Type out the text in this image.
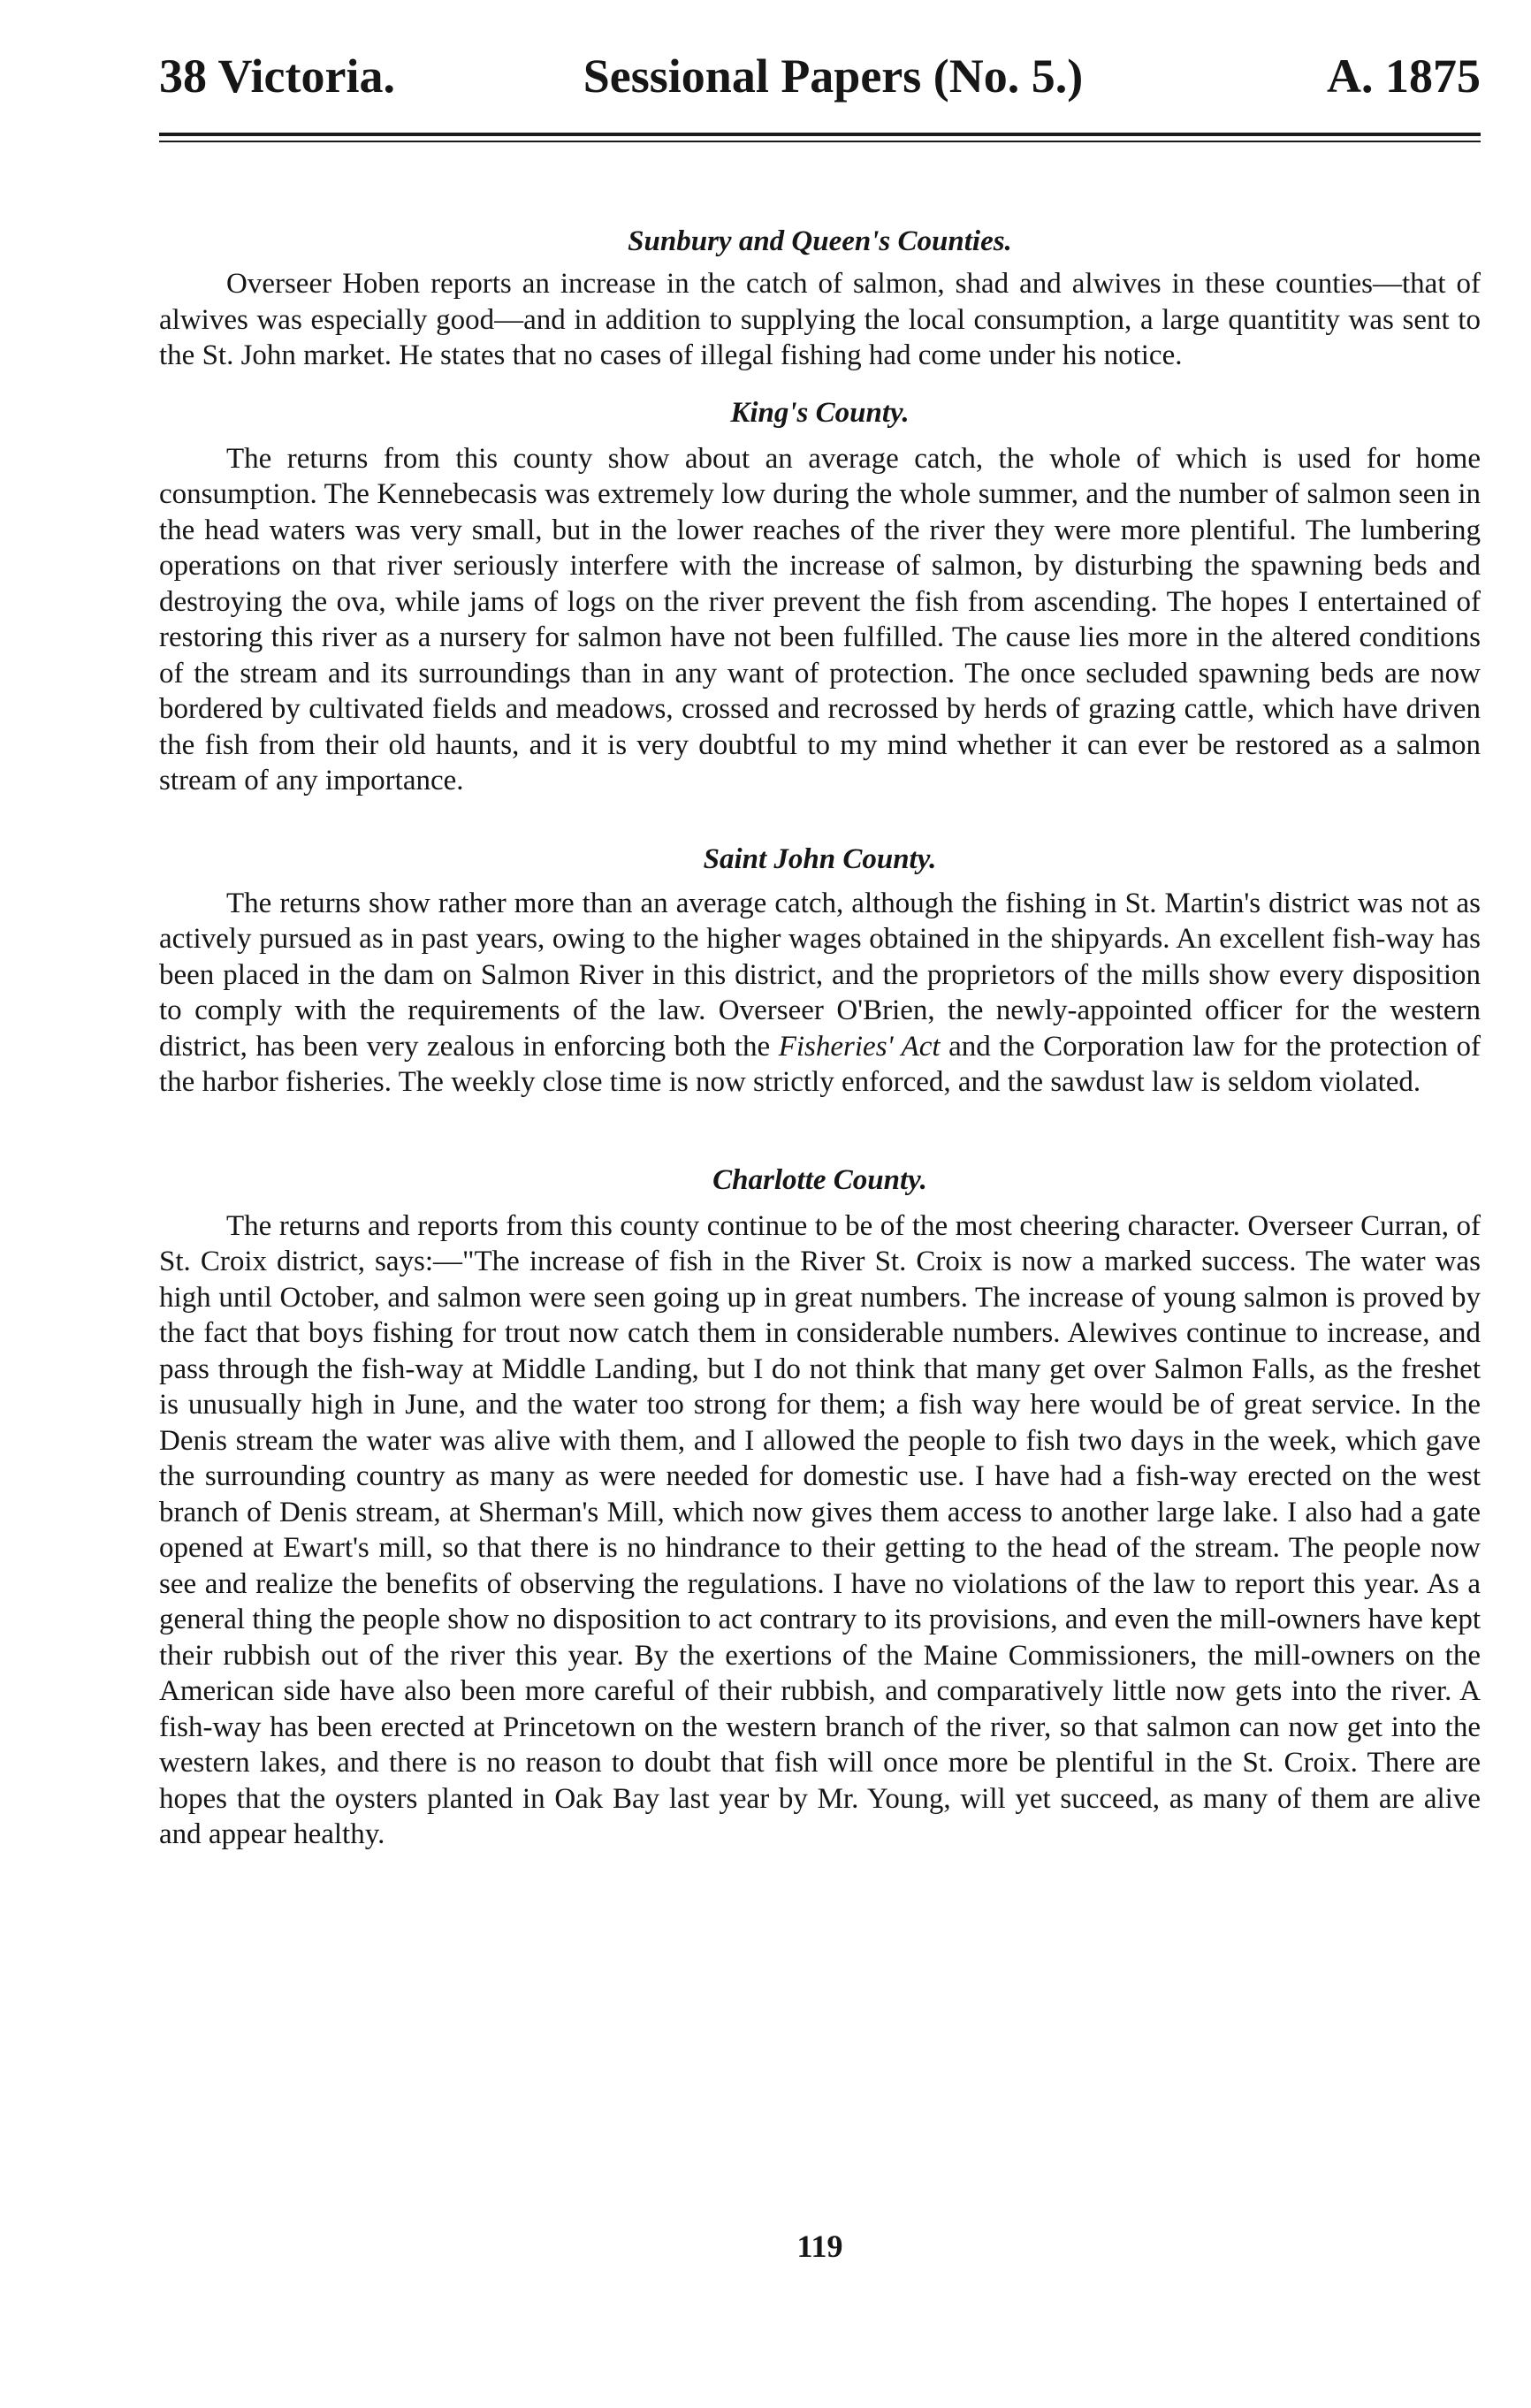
38 Victoria.	Sessional Papers (No. 5.)	A. 1875
Sunbury and Queen's Counties.

Overseer Hoben reports an increase in the catch of salmon, shad and alwives in these counties—that of alwives was especially good—and in addition to supplying the local consumption, a large quantitity was sent to the St. John market. He states that no cases of illegal fishing had come under his notice.

King's County.

The returns from this county show about an average catch, the whole of which is used for home consumption. The Kennebecasis was extremely low during the whole summer, and the number of salmon seen in the head waters was very small, but in the lower reaches of the river they were more plentiful. The lumbering operations on that river seriously interfere with the increase of salmon, by disturbing the spawning beds and destroying the ova, while jams of logs on the river prevent the fish from ascending. The hopes I entertained of restoring this river as a nursery for salmon have not been fulfilled. The cause lies more in the altered conditions of the stream and its surroundings than in any want of protection. The once secluded spawning beds are now bordered by cultivated fields and meadows, crossed and recrossed by herds of grazing cattle, which have driven the fish from their old haunts, and it is very doubtful to my mind whether it can ever be restored as a salmon stream of any importance.

Saint John County.

The returns show rather more than an average catch, although the fishing in St. Martin's district was not as actively pursued as in past years, owing to the higher wages obtained in the shipyards. An excellent fish-way has been placed in the dam on Salmon River in this district, and the proprietors of the mills show every disposition to comply with the requirements of the law. Overseer O'Brien, the newly-appointed officer for the western district, has been very zealous in enforcing both the Fisheries' Act and the Corporation law for the protection of the harbor fisheries. The weekly close time is now strictly enforced, and the sawdust law is seldom violated.

Charlotte County.

The returns and reports from this county continue to be of the most cheering character. Overseer Curran, of St. Croix district, says:—"The increase of fish in the River St. Croix is now a marked success. The water was high until October, and salmon were seen going up in great numbers. The increase of young salmon is proved by the fact that boys fishing for trout now catch them in considerable numbers. Alewives continue to increase, and pass through the fish-way at Middle Landing, but I do not think that many get over Salmon Falls, as the freshet is unusually high in June, and the water too strong for them; a fish way here would be of great service. In the Denis stream the water was alive with them, and I allowed the people to fish two days in the week, which gave the surrounding country as many as were needed for domestic use. I have had a fish-way erected on the west branch of Denis stream, at Sherman's Mill, which now gives them access to another large lake. I also had a gate opened at Ewart's mill, so that there is no hindrance to their getting to the head of the stream. The people now see and realize the benefits of observing the regulations. I have no violations of the law to report this year. As a general thing the people show no disposition to act contrary to its provisions, and even the mill-owners have kept their rubbish out of the river this year. By the exertions of the Maine Commissioners, the mill-owners on the American side have also been more careful of their rubbish, and comparatively little now gets into the river. A fish-way has been erected at Princetown on the western branch of the river, so that salmon can now get into the western lakes, and there is no reason to doubt that fish will once more be plentiful in the St. Croix. There are hopes that the oysters planted in Oak Bay last year by Mr. Young, will yet succeed, as many of them are alive and appear healthy.

119
